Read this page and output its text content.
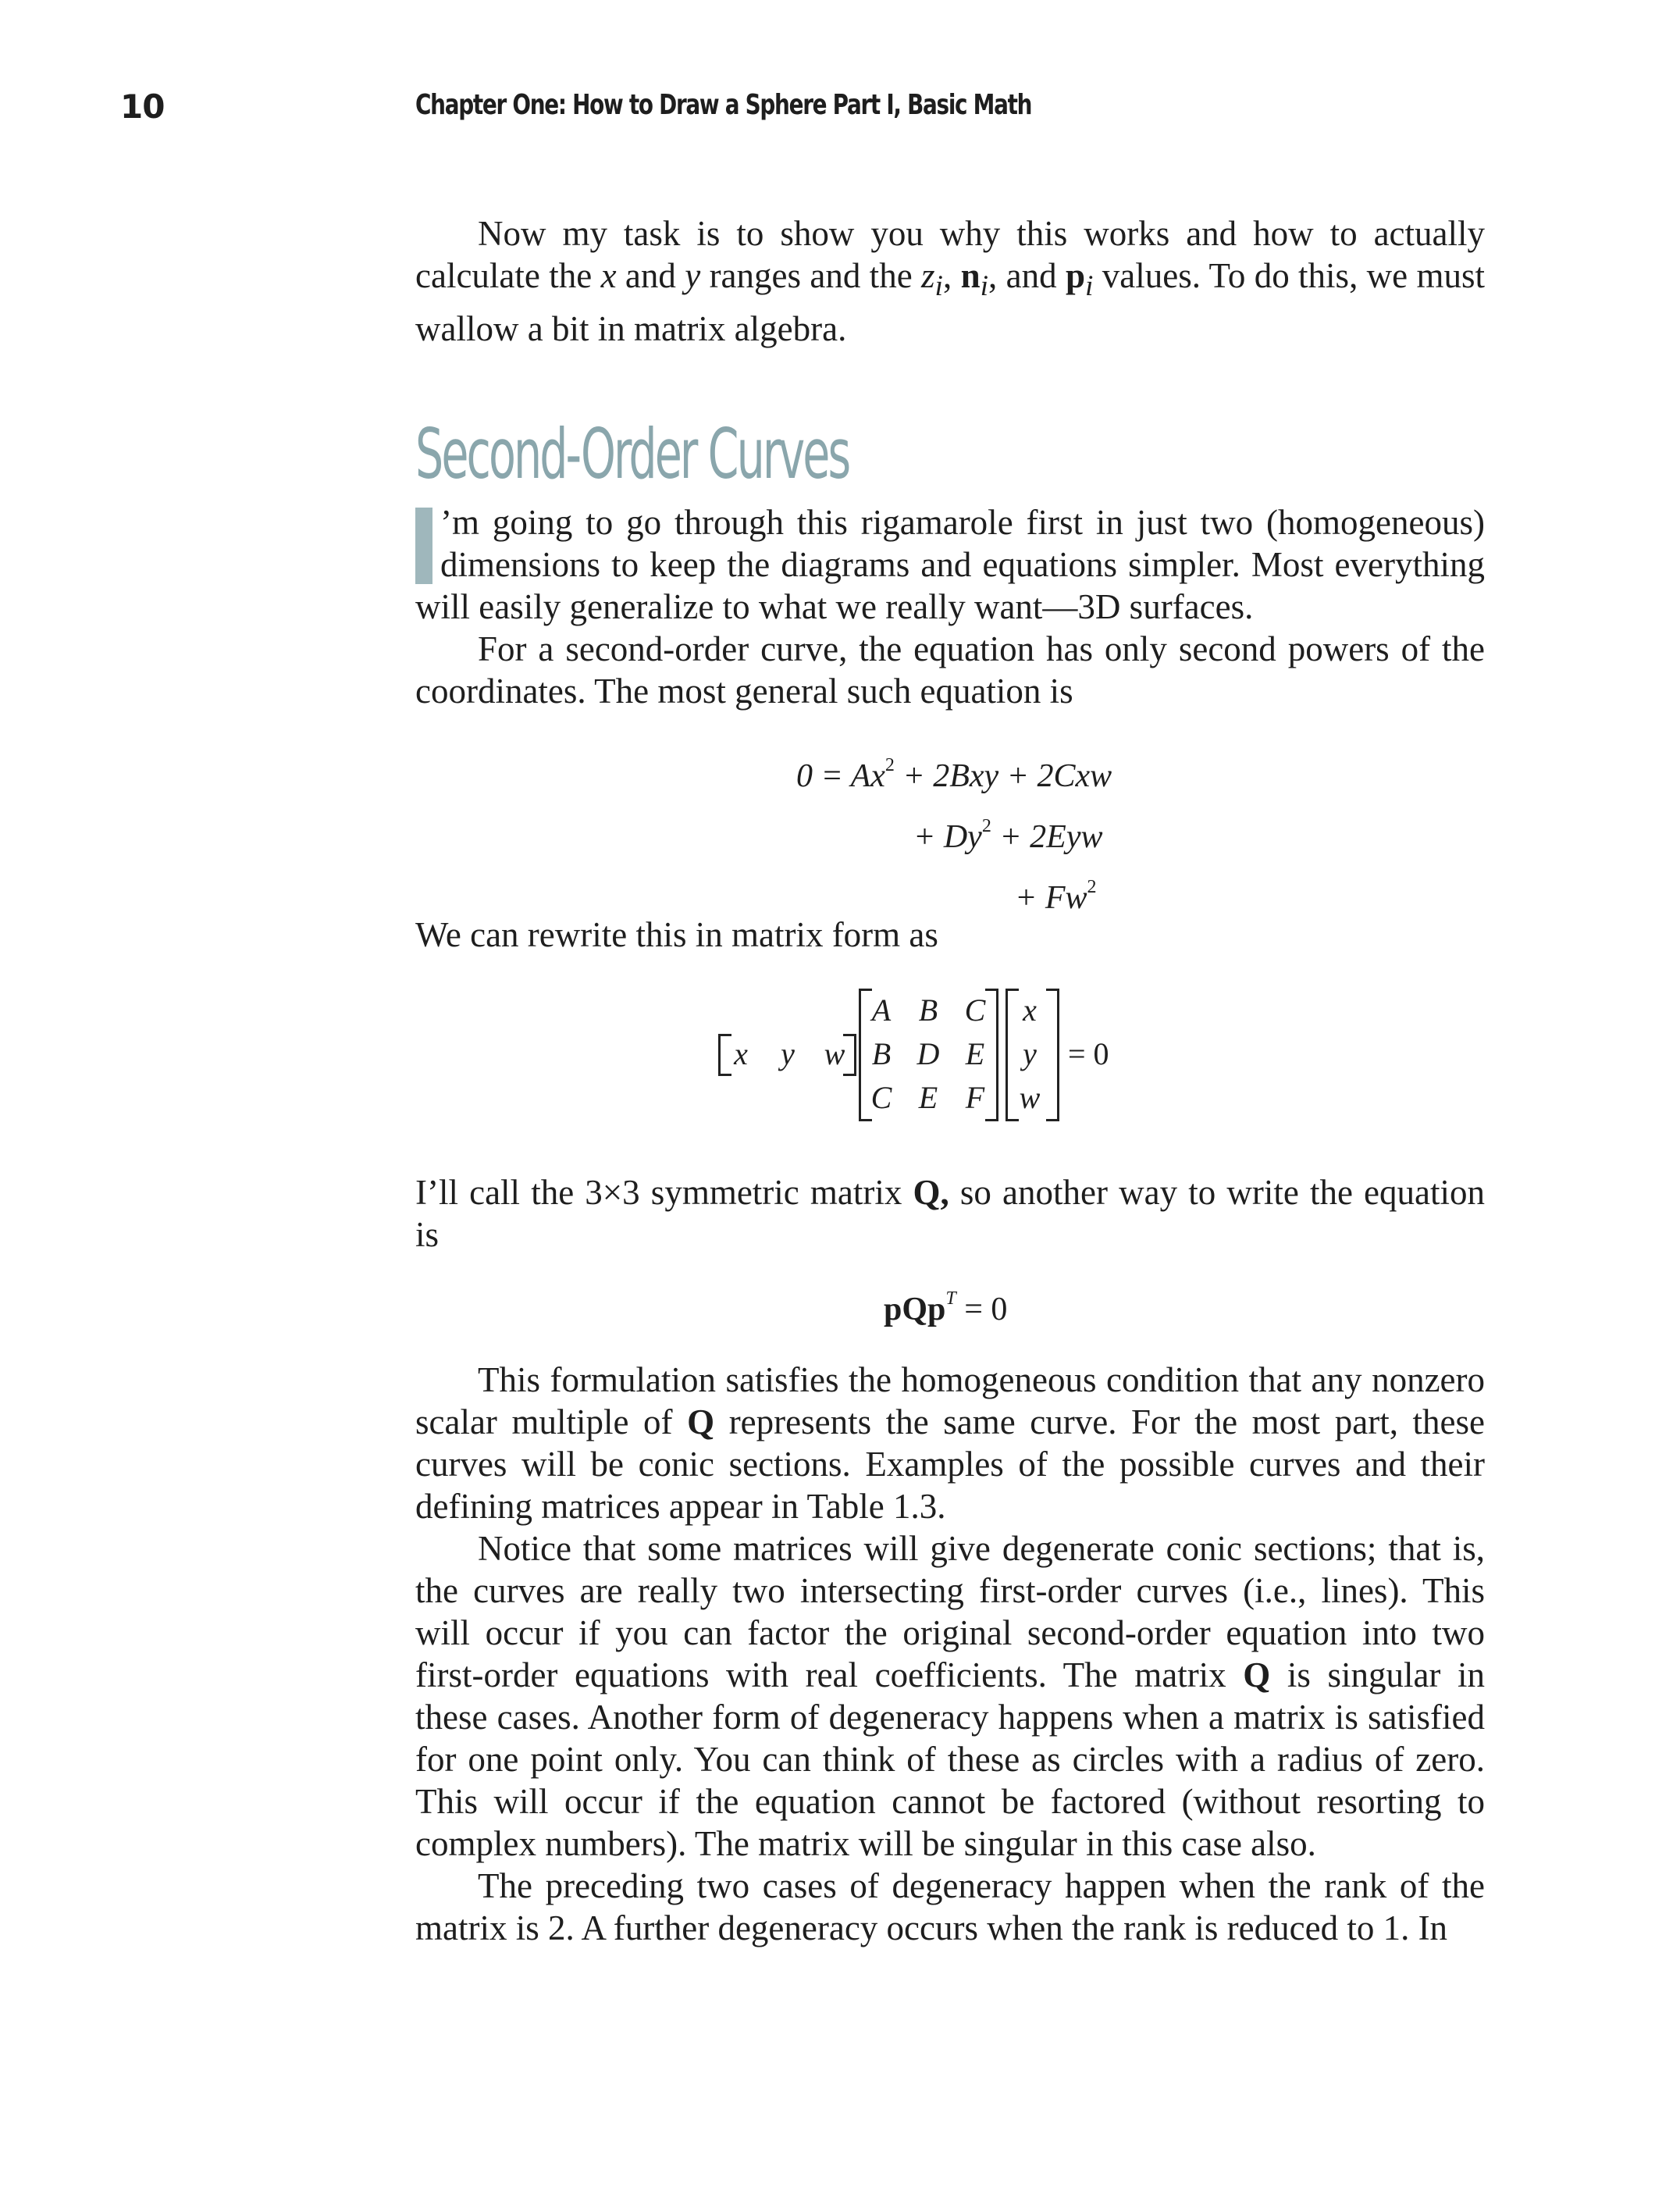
10	Chapter One: How to Draw a Sphere Part I, Basic Math

Now my task is to show you why this works and how to actually calculate the x and y ranges and the $z_i$, $n_i$, and $p_i$ values. To do this, we must wallow a bit in matrix algebra.

Second-Order Curves

’m going to go through this rigamarole first in just two (homogeneous) dimensions to keep the diagrams and equations simpler. Most everything will easily generalize to what we really want—3D surfaces.

For a second-order curve, the equation has only second powers of the coordinates. The most general such equation is

$0 = Ax^2 + 2Bxy + 2Cxw$
+ $Dy^2 + 2Eyw$
+ $Fw^2$

We can rewrite this in matrix form as

x	y w
A B C
B D E
C E F
x
y
w
= 0

I’ll call the 3×3 symmetric matrix Q, so another way to write the equation is

pQp$^T$ = 0

This formulation satisfies the homogeneous condition that any nonzero scalar multiple of Q represents the same curve. For the most part, these curves will be conic sections. Examples of the possible curves and their defining matrices appear in Table 1.3.

Notice that some matrices will give degenerate conic sections; that is, the curves are really two intersecting first-order curves (i.e., lines). This will occur if you can factor the original second-order equation into two first-order equations with real coefficients. The matrix Q is singular in these cases. Another form of degeneracy happens when a matrix is satisfied for one point only. You can think of these as circles with a radius of zero. This will occur if the equation cannot be factored (without resorting to complex numbers). The matrix will be singular in this case also.

The preceding two cases of degeneracy happen when the rank of the matrix is 2. A further degeneracy occurs when the rank is reduced to 1. In
